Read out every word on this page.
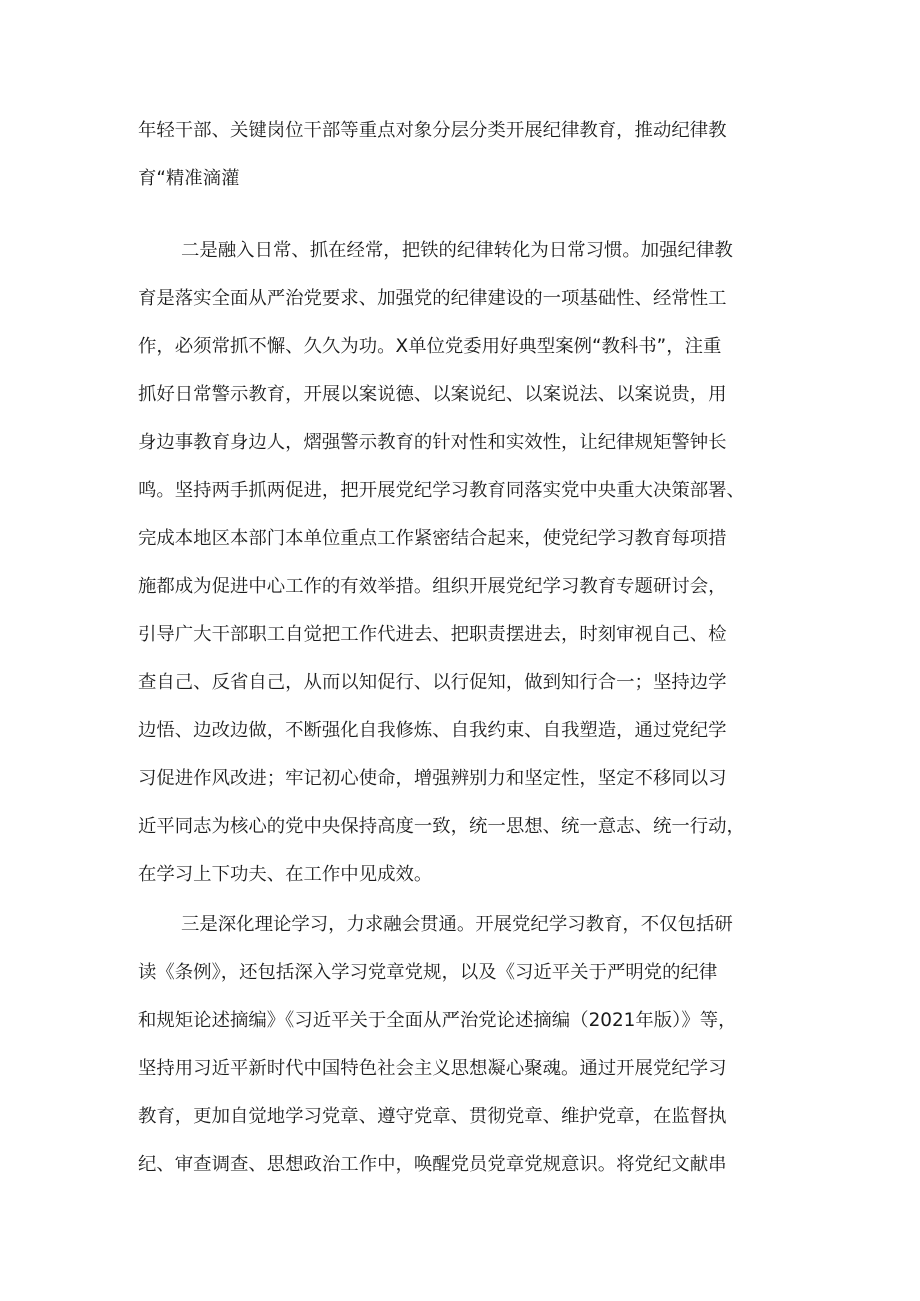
年轻干部、关键岗位干部等重点对象分层分类开展纪律教育，推动纪律教

育“精准滴灌

二是融入日常、抓在经常，把铁的纪律转化为日常习惯。加强纪律教

育是落实全面从严治党要求、加强党的纪律建设的一项基础性、经常性工

作，必须常抓不懈、久久为功。X单位党委用好典型案例“教科书”，注重

抓好日常警示教育，开展以案说德、以案说纪、以案说法、以案说贵，用

身边事教育身边人，熠强警示教育的针对性和实效性，让纪律规矩警钟长

鸣。坚持两手抓两促进，把开展党纪学习教育同落实党中央重大决策部署、

完成本地区本部门本单位重点工作紧密结合起来，使党纪学习教育每项措

施都成为促进中心工作的有效举措。组织开展党纪学习教育专题研讨会，

引导广大干部职工自觉把工作代进去、把职责摆进去，时刻审视自己、检

查自己、反省自己，从而以知促行、以行促知，做到知行合一；坚持边学

边悟、边改边做，不断强化自我修炼、自我约束、自我塑造，通过党纪学

习促进作风改进；牢记初心使命，增强辨别力和坚定性，坚定不移同以习

近平同志为核心的党中央保持高度一致，统一思想、统一意志、统一行动，

在学习上下功夫、在工作中见成效。

三是深化理论学习，力求融会贯通。开展党纪学习教育，不仅包括研

读《条例》，还包括深入学习党章党规，以及《习近平关于严明党的纪律

和规矩论述摘编》《习近平关于全面从严治党论述摘编（2021年版）》等，

坚持用习近平新时代中国特色社会主义思想凝心聚魂。通过开展党纪学习

教育，更加自觉地学习党章、遵守党章、贯彻党章、维护党章，在监督执

纪、审查调查、思想政治工作中，唤醒党员党章党规意识。将党纪文献串
